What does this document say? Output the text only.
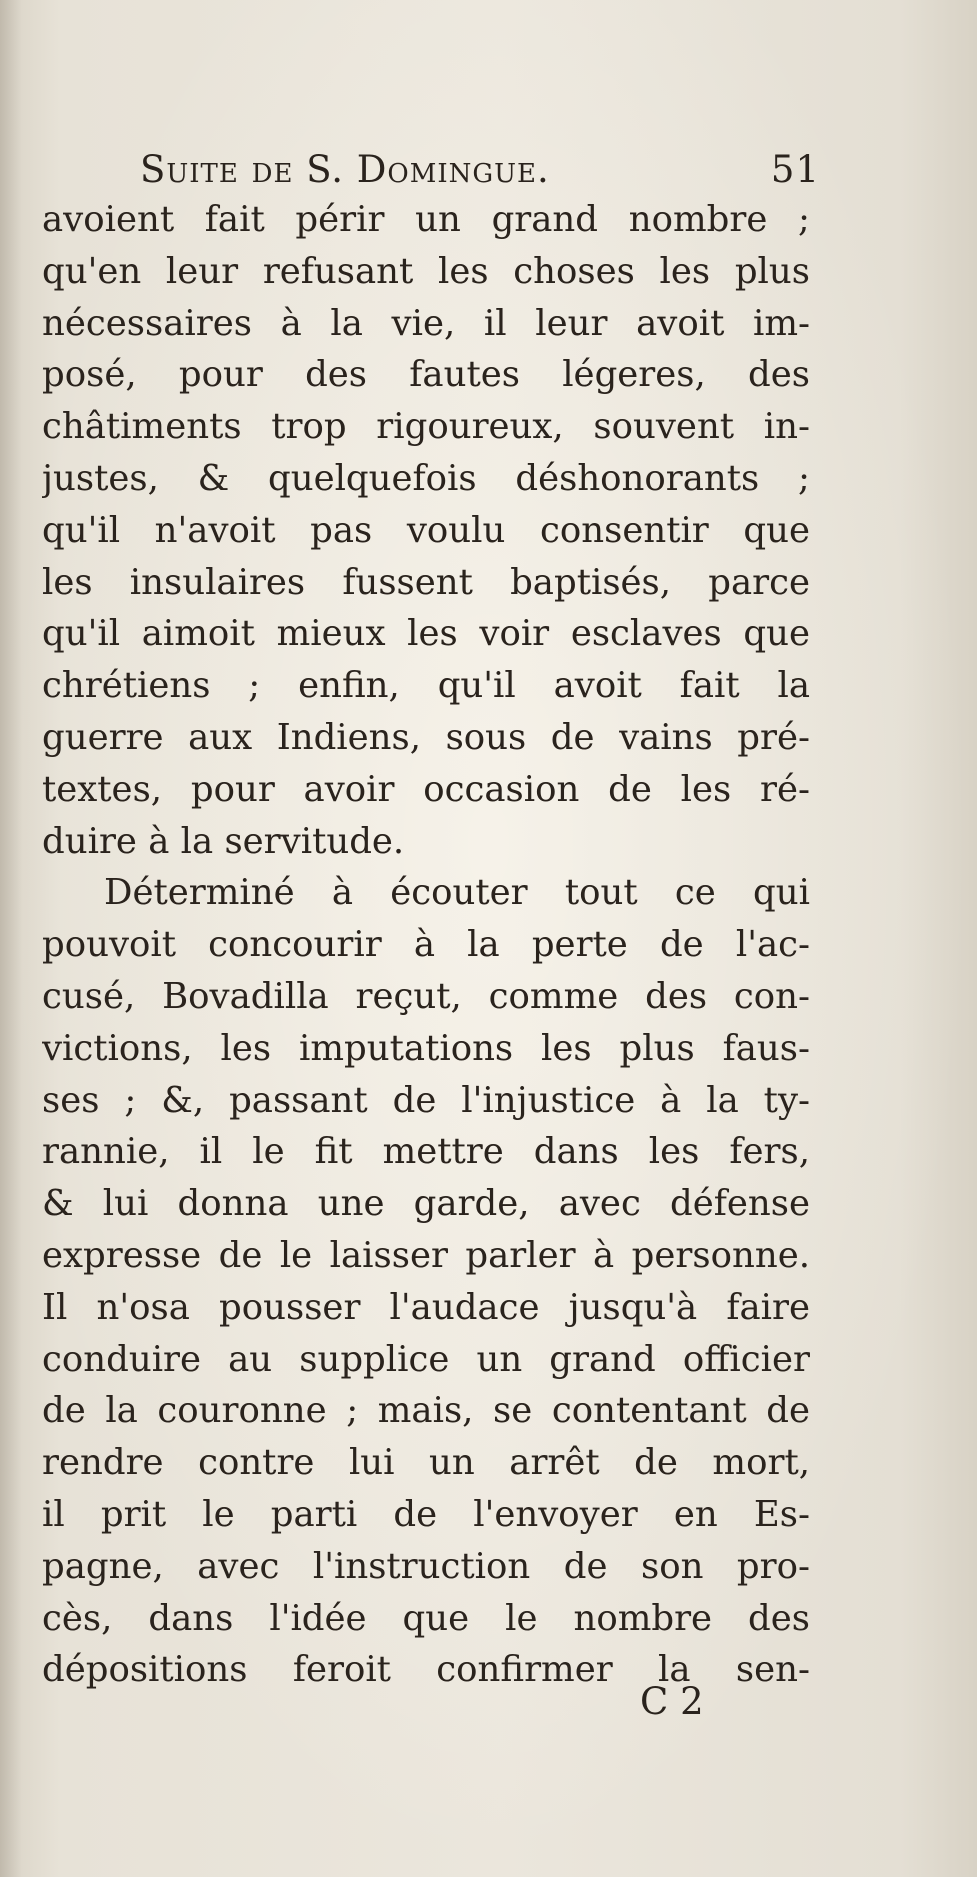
Suite de S. Domingue.	51
avoient fait périr un grand nombre ;
qu'en leur refusant les choses les plus
nécessaires à la vie, il leur avoit im-
posé, pour des fautes légeres, des
châtiments trop rigoureux, souvent in-
justes, & quelquefois déshonorants ;
qu'il n'avoit pas voulu consentir que
les insulaires fussent baptisés, parce
qu'il aimoit mieux les voir esclaves que
chrétiens ; enfin, qu'il avoit fait la
guerre aux Indiens, sous de vains pré-
textes, pour avoir occasion de les ré-
duire à la servitude.
Déterminé à écouter tout ce qui
pouvoit concourir à la perte de l'ac-
cusé, Bovadilla reçut, comme des con-
victions, les imputations les plus faus-
ses ; &, passant de l'injustice à la ty-
rannie, il le fit mettre dans les fers,
& lui donna une garde, avec défense
expresse de le laisser parler à personne.
Il n'osa pousser l'audace jusqu'à faire
conduire au supplice un grand officier
de la couronne ; mais, se contentant de
rendre contre lui un arrêt de mort,
il prit le parti de l'envoyer en Es-
pagne, avec l'instruction de son pro-
cès, dans l'idée que le nombre des
dépositions feroit confirmer la sen-
C 2
